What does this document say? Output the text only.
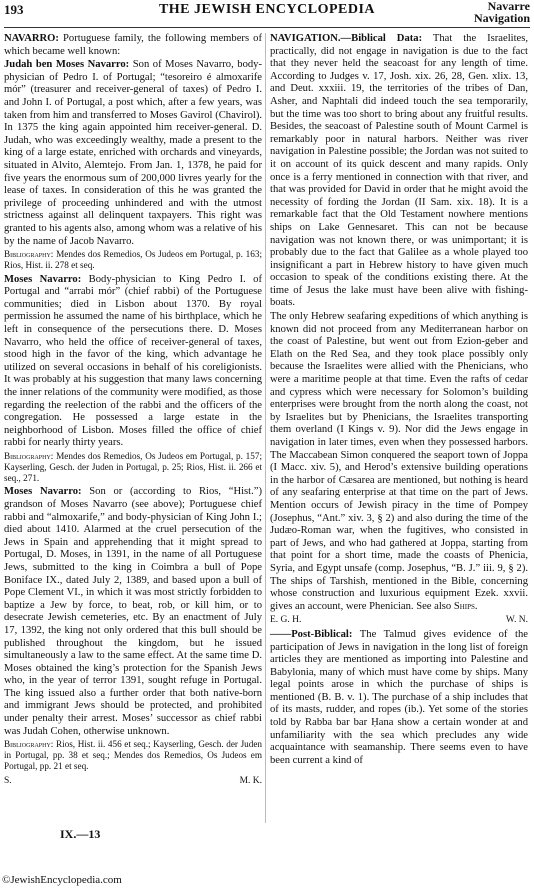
193	THE JEWISH ENCYCLOPEDIA	Navarre
Navigation

NAVARRO: Portuguese family, the following members of which became well known:

Judah ben Moses Navarro: Son of Moses Navarro, body-physician of Pedro I. of Portugal; “tesoreiro é almoxarife mór” (treasurer and receiver-general of taxes) of Pedro I. and John I. of Portugal, a post which, after a few years, was taken from him and transferred to Moses Gavirol (Chavirol). In 1375 the king again appointed him receiver-general. D. Judah, who was exceedingly wealthy, made a present to the king of a large estate, enriched with orchards and vineyards, situated in Alvito, Alemtejo. From Jan. 1, 1378, he paid for five years the enormous sum of 200,000 livres yearly for the lease of taxes. In consideration of this he was granted the privilege of proceeding unhindered and with the utmost strictness against all delinquent taxpayers. This right was granted to his agents also, among whom was a relative of his by the name of Jacob Navarro.

Bibliography: Mendes dos Remedios, Os Judeos em Portugal, p. 163; Rios, Hist. ii. 278 et seq.

Moses Navarro: Body-physician to King Pedro I. of Portugal and “arrabi mór” (chief rabbi) of the Portuguese communities; died in Lisbon about 1370. By royal permission he assumed the name of his birthplace, which he left in consequence of the persecutions there. D. Moses Navarro, who held the office of receiver-general of taxes, stood high in the favor of the king, which advantage he utilized on several occasions in behalf of his coreligionists. It was probably at his suggestion that many laws concerning the inner relations of the community were modified, as those regarding the reelection of the rabbi and the officers of the congregation. He possessed a large estate in the neighborhood of Lisbon. Moses filled the office of chief rabbi for nearly thirty years.

Bibliography: Mendes dos Remedios, Os Judeos em Portugal, p. 157; Kayserling, Gesch. der Juden in Portugal, p. 25; Rios, Hist. ii. 266 et seq., 271.

Moses Navarro: Son or (according to Rios, “Hist.”) grandson of Moses Navarro (see above); Portuguese chief rabbi and “almoxarife,” and body-physician of King John I.; died about 1410. Alarmed at the cruel persecution of the Jews in Spain and apprehending that it might spread to Portugal, D. Moses, in 1391, in the name of all Portuguese Jews, submitted to the king in Coimbra a bull of Pope Boniface IX., dated July 2, 1389, and based upon a bull of Pope Clement VI., in which it was most strictly forbidden to baptize a Jew by force, to beat, rob, or kill him, or to desecrate Jewish cemeteries, etc. By an enactment of July 17, 1392, the king not only ordered that this bull should be published throughout the kingdom, but he issued simultaneously a law to the same effect. At the same time D. Moses obtained the king’s protection for the Spanish Jews who, in the year of terror 1391, sought refuge in Portugal. The king issued also a further order that both native-born and immigrant Jews should be protected, and prohibited under penalty their arrest. Moses’ successor as chief rabbi was Judah Cohen, otherwise unknown.

Bibliography: Rios, Hist. ii. 456 et seq.; Kayserling, Gesch. der Juden in Portugal, pp. 38 et seq.; Mendes dos Remedios, Os Judeos em Portugal, pp. 21 et seq.

S.	M. K.

NAVIGATION.—Biblical Data: That the Israelites, practically, did not engage in navigation is due to the fact that they never held the seacoast for any length of time. According to Judges v. 17, Josh. xix. 26, 28, Gen. xlix. 13, and Deut. xxxiii. 19, the territories of the tribes of Dan, Asher, and Naphtali did indeed touch the sea temporarily, but the time was too short to bring about any fruitful results. Besides, the seacoast of Palestine south of Mount Carmel is remarkably poor in natural harbors. Neither was river navigation in Palestine possible; the Jordan was not suited to it on account of its quick descent and many rapids. Only once is a ferry mentioned in connection with that river, and that was provided for David in order that he might avoid the necessity of fording the Jordan (II Sam. xix. 18). It is a remarkable fact that the Old Testament nowhere mentions ships on Lake Gennesaret. This can not be because navigation was not known there, or was unimportant; it is probably due to the fact that Galilee as a whole played too insignificant a part in Hebrew history to have given much occasion to speak of the conditions existing there. At the time of Jesus the lake must have been alive with fishing-boats.

The only Hebrew seafaring expeditions of which anything is known did not proceed from any Mediterranean harbor on the coast of Palestine, but went out from Ezion-geber and Elath on the Red Sea, and they took place possibly only because the Israelites were allied with the Phenicians, who were a maritime people at that time. Even the rafts of cedar and cypress which were necessary for Solomon’s building enterprises were brought from the north along the coast, not by Israelites but by Phenicians, the Israelites transporting them overland (I Kings v. 9). Nor did the Jews engage in navigation in later times, even when they possessed harbors. The Maccabean Simon conquered the seaport town of Joppa (I Macc. xiv. 5), and Herod’s extensive building operations in the harbor of Cæsarea are mentioned, but nothing is heard of any seafaring enterprise at that time on the part of Jews. Mention occurs of Jewish piracy in the time of Pompey (Josephus, “Ant.” xiv. 3, § 2) and also during the time of the Judæo-Roman war, when the fugitives, who consisted in part of Jews, and who had gathered at Joppa, starting from that point for a short time, made the coasts of Phenicia, Syria, and Egypt unsafe (comp. Josephus, “B. J.” iii. 9, § 2). The ships of Tarshish, mentioned in the Bible, concerning whose construction and luxurious equipment Ezek. xxvii. gives an account, were Phenician. See also Ships.

E. G. H.	W. N.

——Post-Biblical: The Talmud gives evidence of the participation of Jews in navigation in the long list of foreign articles they are mentioned as importing into Palestine and Babylonia, many of which must have come by ships. Many legal points arose in which the purchase of ships is mentioned (B. B. v. 1). The purchase of a ship includes that of its masts, rudder, and ropes (ib.). Yet some of the stories told by Rabba bar bar Ḥana show a certain wonder at and unfamiliarity with the sea which precludes any wide acquaintance with seamanship. There seems even to have been current a kind of

IX.—13
©JewishEncyclopedia.com
